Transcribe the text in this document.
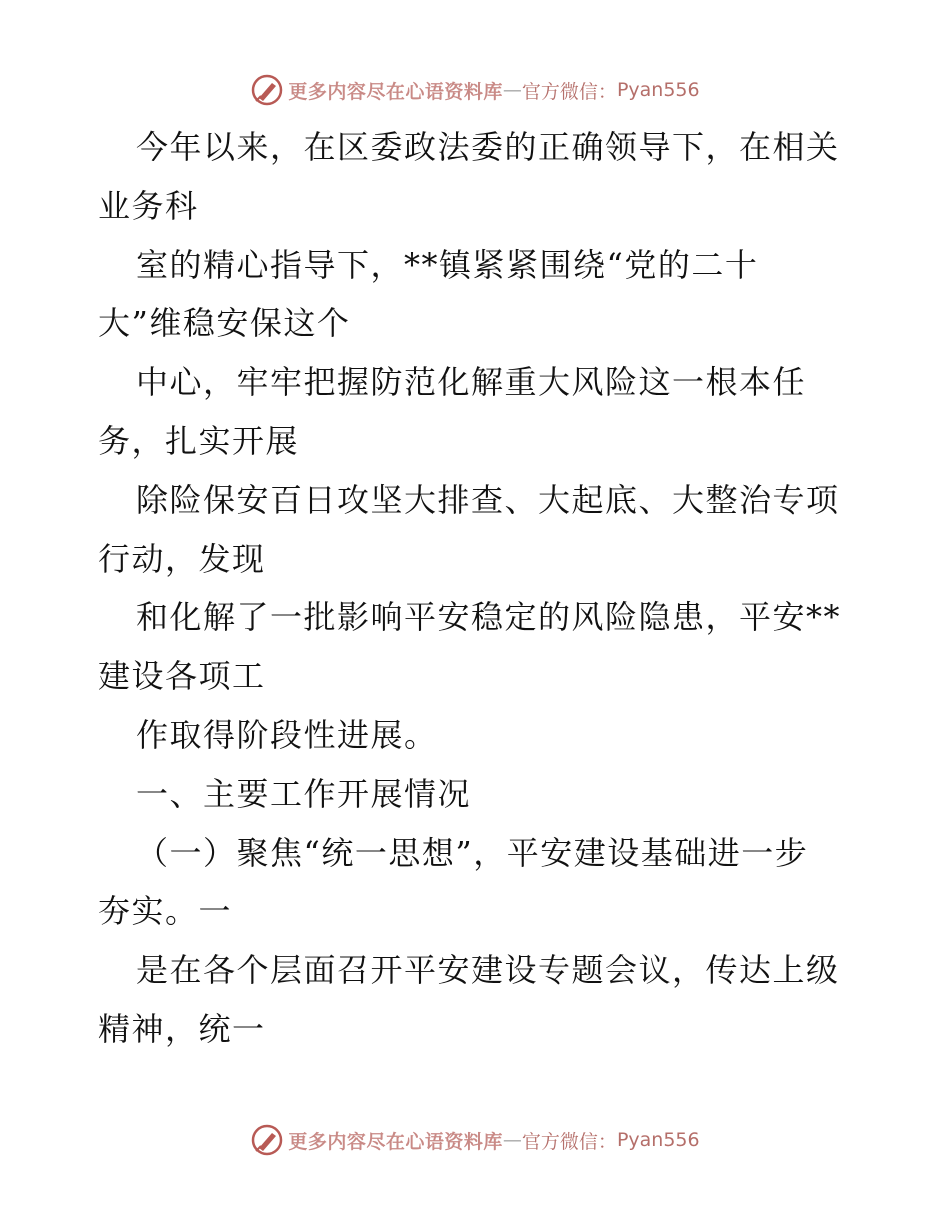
更多内容尽在心语资料库 — 官方微信： Pyan556
今年以来，在区委政法委的正确领导下，在相关
业务科
室的精心指导下，**镇紧紧围绕“党的二十
大”维稳安保这个
中心，牢牢把握防范化解重大风险这一根本任
务，扎实开展
除险保安百日攻坚大排查、大起底、大整治专项
行动，发现
和化解了一批影响平安稳定的风险隐患，平安**
建设各项工
作取得阶段性进展。
一、主要工作开展情况
（一）聚焦“统一思想”，平安建设基础进一步
夯实。一
是在各个层面召开平安建设专题会议，传达上级
精神，统一
更多内容尽在心语资料库 — 官方微信： Pyan556
